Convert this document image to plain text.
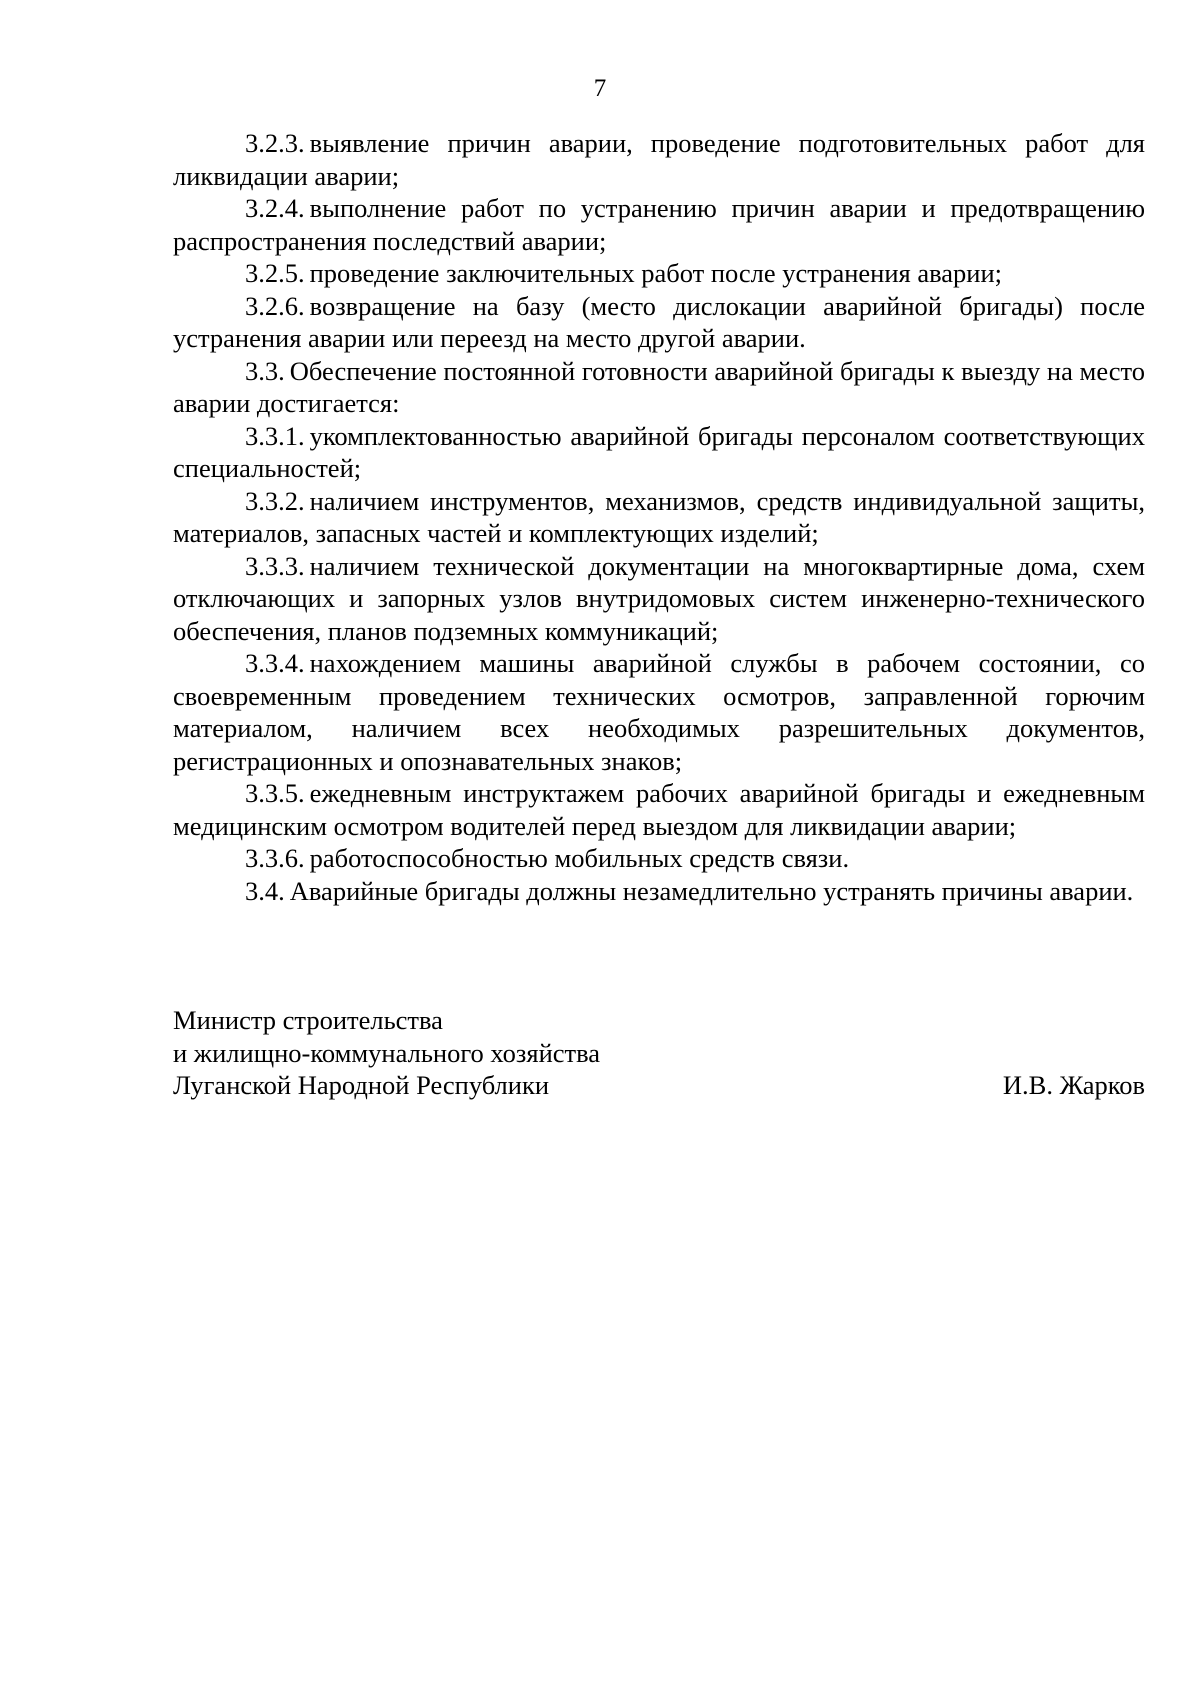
7

3.2.3. выявление причин аварии, проведение подготовительных работ для ликвидации аварии;

3.2.4. выполнение работ по устранению причин аварии и предотвращению распространения последствий аварии;

3.2.5. проведение заключительных работ после устранения аварии;

3.2.6. возвращение на базу (место дислокации аварийной бригады) после устранения аварии или переезд на место другой аварии.

3.3. Обеспечение постоянной готовности аварийной бригады к выезду на место аварии достигается:

3.3.1. укомплектованностью аварийной бригады персоналом соответствующих специальностей;

3.3.2. наличием инструментов, механизмов, средств индивидуальной защиты, материалов, запасных частей и комплектующих изделий;

3.3.3. наличием технической документации на многоквартирные дома, схем отключающих и запорных узлов внутридомовых систем инженерно-технического обеспечения, планов подземных коммуникаций;

3.3.4. нахождением машины аварийной службы в рабочем состоянии, со своевременным проведением технических осмотров, заправленной горючим материалом, наличием всех необходимых разрешительных документов, регистрационных и опознавательных знаков;

3.3.5. ежедневным инструктажем рабочих аварийной бригады и ежедневным медицинским осмотром водителей перед выездом для ликвидации аварии;

3.3.6. работоспособностью мобильных средств связи.

3.4. Аварийные бригады должны незамедлительно устранять причины аварии.

Министр строительства
и жилищно-коммунального хозяйства
Луганской Народной Республики	И.В. Жарков
